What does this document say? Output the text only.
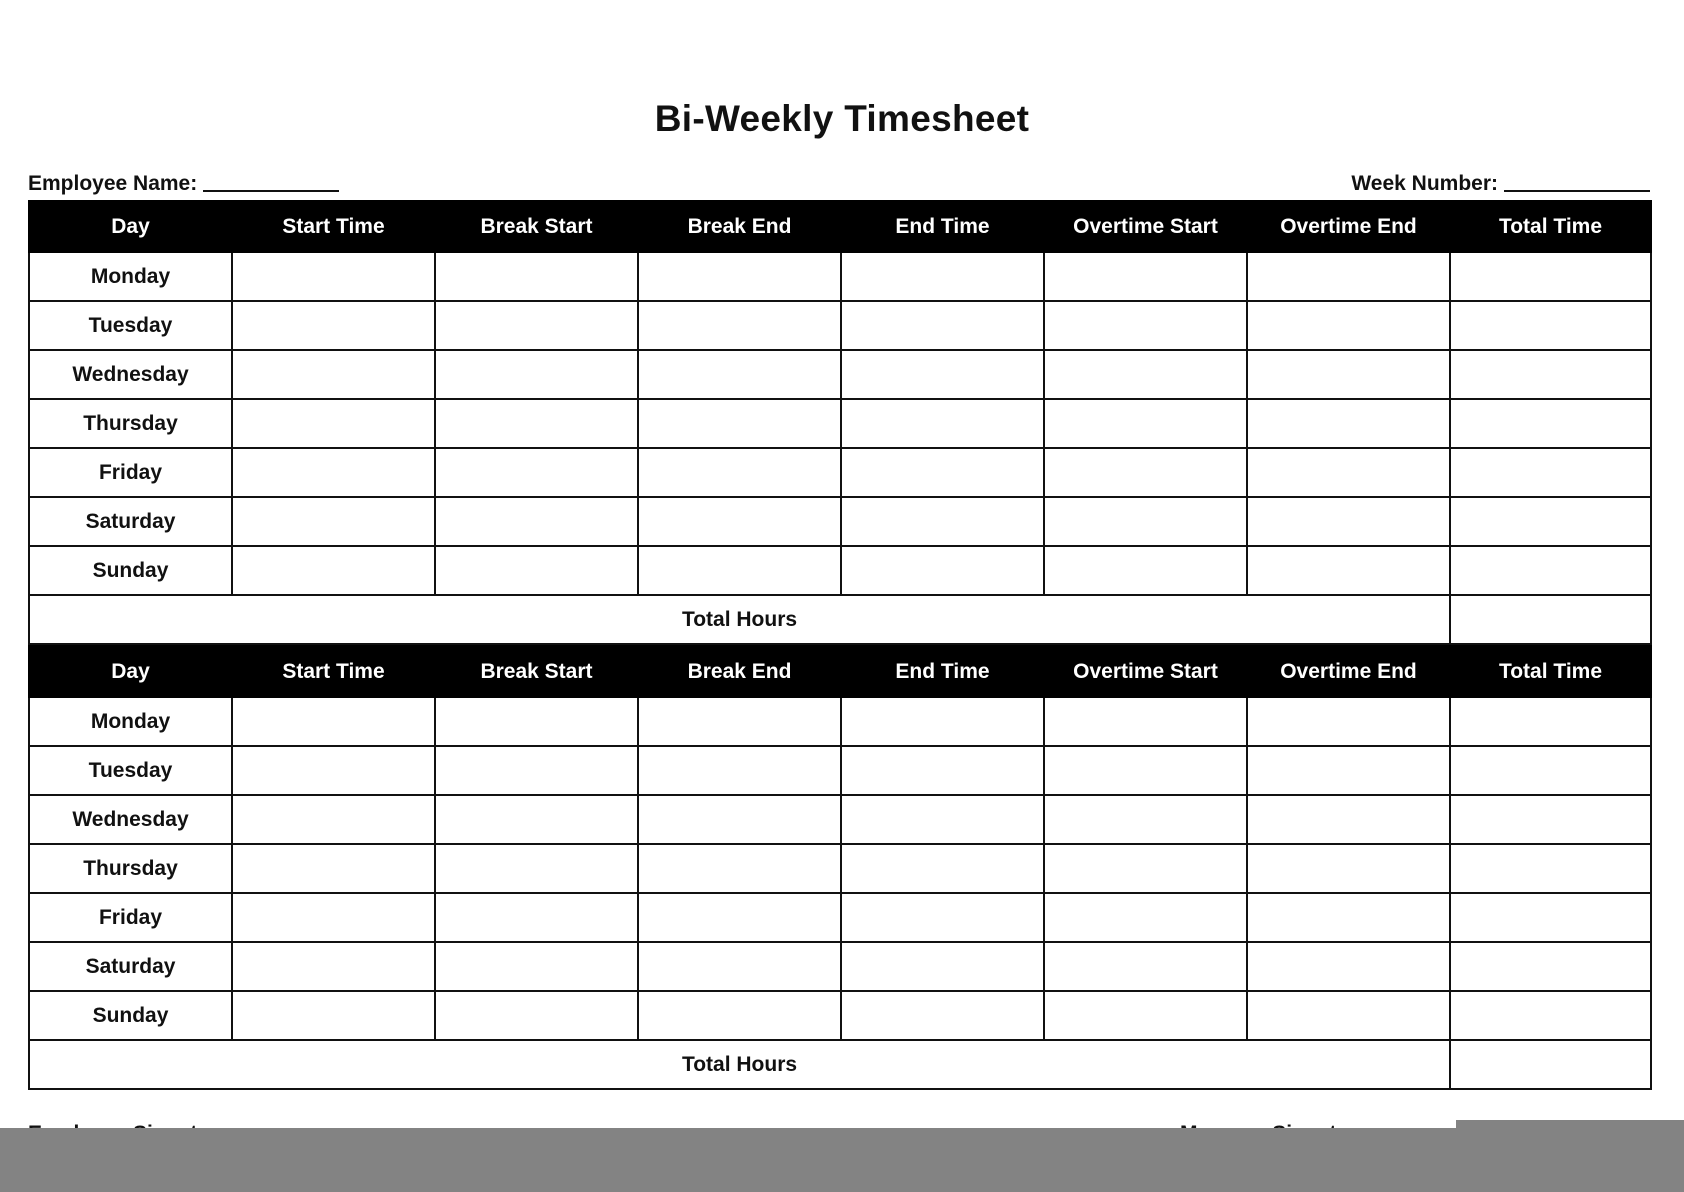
Bi-Weekly Timesheet
Employee Name:	Week Number:
Day	Start Time	Break Start	Break End	End Time	Overtime Start	Overtime End	Total Time
Monday							
Tuesday							
Wednesday							
Thursday							
Friday							
Saturday							
Sunday							
Total Hours							
Day	Start Time	Break Start	Break End	End Time	Overtime Start	Overtime End	Total Time
Monday							
Tuesday							
Wednesday							
Thursday							
Friday							
Saturday							
Sunday							
Total Hours							
